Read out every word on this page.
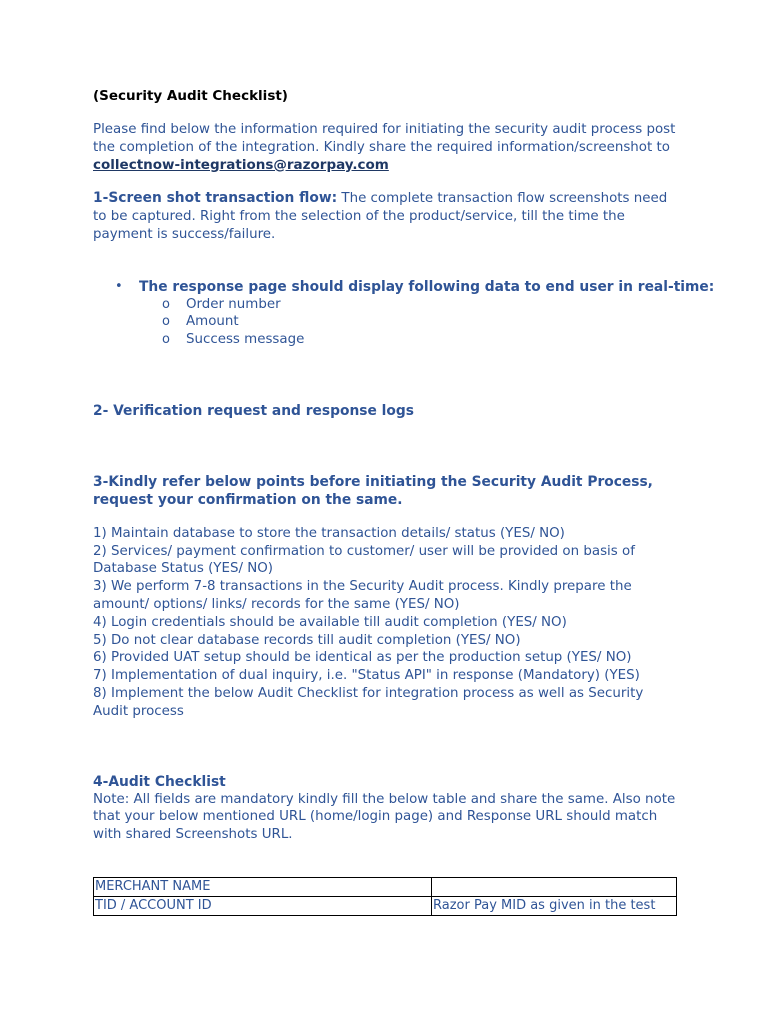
(Security Audit Checklist)

Please find below the information required for initiating the security audit process post the completion of the integration. Kindly share the required information/screenshot to
collectnow-integrations@razorpay.com

1-Screen shot transaction flow: The complete transaction flow screenshots need to be captured. Right from the selection of the product/service, till the time the payment is success/failure.

• The response page should display following data to end user in real-time:
o Order number
o Amount
o Success message

2- Verification request and response logs

3-Kindly refer below points before initiating the Security Audit Process, request your confirmation on the same.

1) Maintain database to store the transaction details/ status (YES/ NO)

2) Services/ payment confirmation to customer/ user will be provided on basis of Database Status (YES/ NO)

3) We perform 7-8 transactions in the Security Audit process. Kindly prepare the amount/ options/ links/ records for the same (YES/ NO)

4) Login credentials should be available till audit completion (YES/ NO)

5) Do not clear database records till audit completion (YES/ NO)

6) Provided UAT setup should be identical as per the production setup (YES/ NO)

7) Implementation of dual inquiry, i.e. "Status API" in response (Mandatory) (YES)

8) Implement the below Audit Checklist for integration process as well as Security Audit process

4-Audit Checklist

Note: All fields are mandatory kindly fill the below table and share the same. Also note that your below mentioned URL (home/login page) and Response URL should match with shared Screenshots URL.

MERCHANT NAME	
TID / ACCOUNT ID	Razor Pay MID as given in the test
